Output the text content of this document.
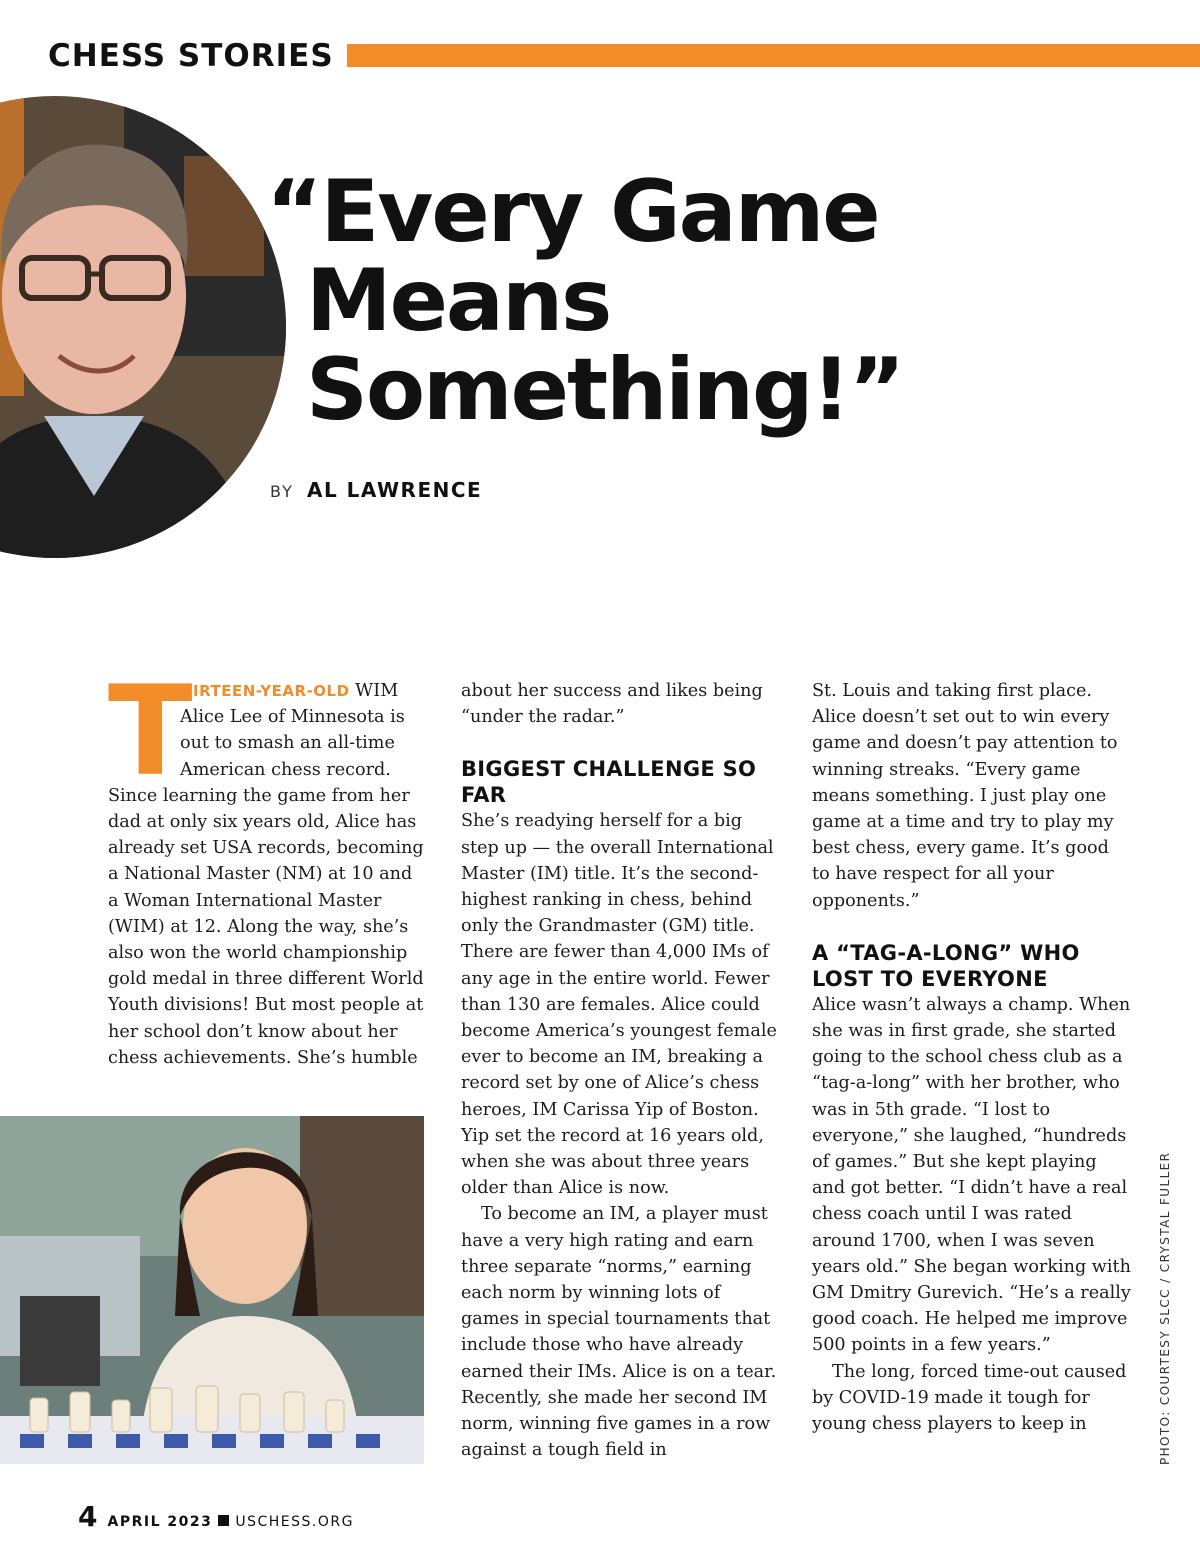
CHESS STORIES
“Every Game
Means
Something!”
BY AL LAWRENCE
T

HIRTEEN-YEAR-OLD WIM Alice Lee of Minnesota is out to smash an all-time American chess record. Since learning the game from her dad at only six years old, Alice has already set USA records, becoming a National Master (NM) at 10 and a Woman International Master (WIM) at 12. Along the way, she’s also won the world championship gold medal in three different World Youth divisions! But most people at her school don’t know about her chess achievements. She’s humble

about her success and likes being “under the radar.”

BIGGEST CHALLENGE SO FAR

She’s readying herself for a big step up — the overall International Master (IM) title. It’s the second-highest ranking in chess, behind only the Grandmaster (GM) title. There are fewer than 4,000 IMs of any age in the entire world. Fewer than 130 are females. Alice could become America’s youngest female ever to become an IM, breaking a record set by one of Alice’s chess heroes, IM Carissa Yip of Boston. Yip set the record at 16 years old, when she was about three years older than Alice is now.

To become an IM, a player must have a very high rating and earn three separate “norms,” earning each norm by winning lots of games in special tournaments that include those who have already earned their IMs. Alice is on a tear. Recently, she made her second IM norm, winning five games in a row against a tough field in

St. Louis and taking first place. Alice doesn’t set out to win every game and doesn’t pay attention to winning streaks. “Every game means something. I just play one game at a time and try to play my best chess, every game. It’s good to have respect for all your opponents.”

A “TAG-A-LONG” WHO LOST TO EVERYONE

Alice wasn’t always a champ. When she was in first grade, she started going to the school chess club as a “tag-a-long” with her brother, who was in 5th grade. “I lost to everyone,” she laughed, “hundreds of games.” But she kept playing and got better. “I didn’t have a real chess coach until I was rated around 1700, when I was seven years old.” She began working with GM Dmitry Gurevich. “He’s a really good coach. He helped me improve 500 points in a few years.”

The long, forced time-out caused by COVID-19 made it tough for young chess players to keep in	PHOTO: COURTESY SLCC / CRYSTAL FULLER
4 APRIL 2023 USCHESS.ORG
